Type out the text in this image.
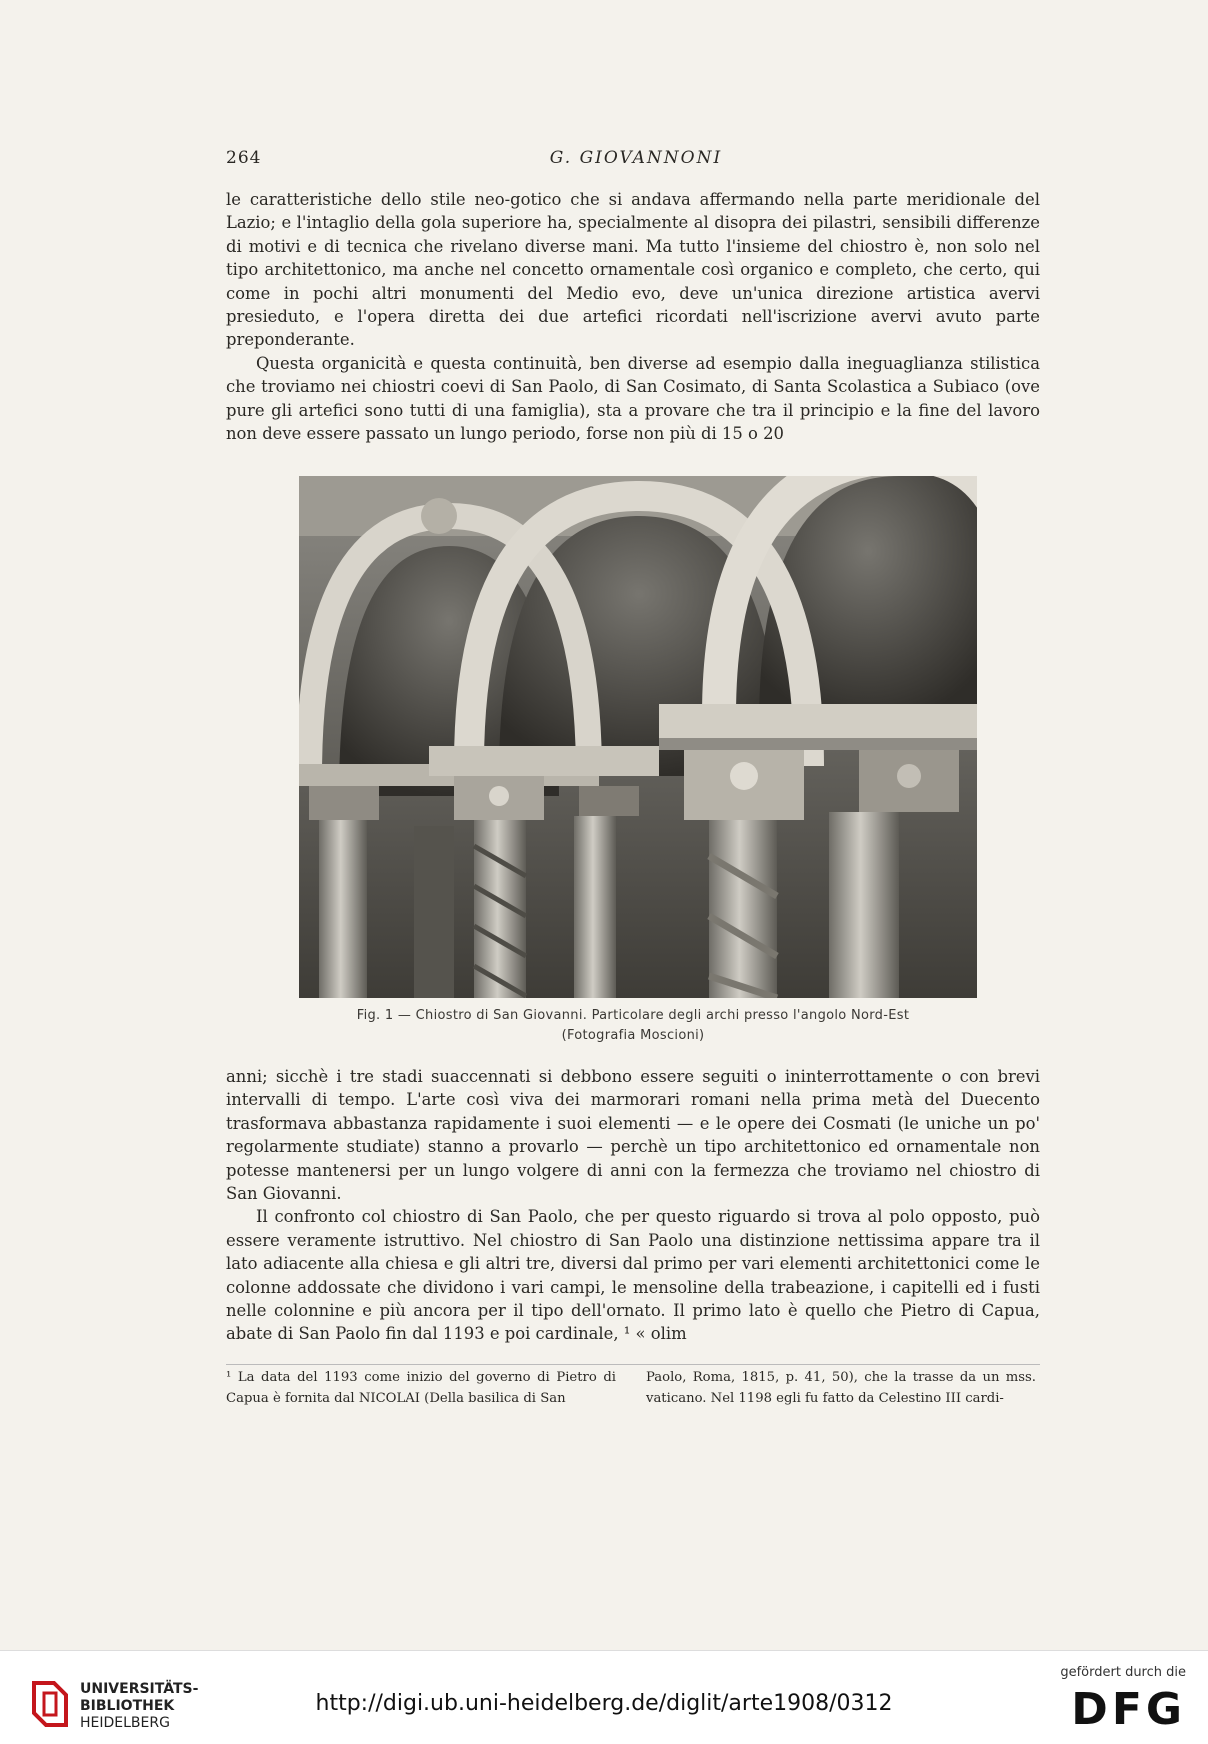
264	G. GIOVANNONI

le caratteristiche dello stile neo-gotico che si andava affermando nella parte meridionale del Lazio; e l'intaglio della gola superiore ha, specialmente al disopra dei pilastri, sensibili differenze di motivi e di tecnica che rivelano diverse mani. Ma tutto l'insieme del chiostro è, non solo nel tipo architettonico, ma anche nel concetto ornamentale così organico e completo, che certo, qui come in pochi altri monumenti del Medio evo, deve un'unica direzione artistica avervi presieduto, e l'opera diretta dei due artefici ricordati nell'iscrizione avervi avuto parte preponderante.

Questa organicità e questa continuità, ben diverse ad esempio dalla ineguaglianza stilistica che troviamo nei chiostri coevi di San Paolo, di San Cosimato, di Santa Scolastica a Subiaco (ove pure gli artefici sono tutti di una famiglia), sta a provare che tra il principio e la fine del lavoro non deve essere passato un lungo periodo, forse non più di 15 o 20

Fig. 1 — Chiostro di San Giovanni. Particolare degli archi presso l'angolo Nord-Est
(Fotografia Moscioni)

anni; sicchè i tre stadi suaccennati si debbono essere seguiti o ininterrottamente o con brevi intervalli di tempo. L'arte così viva dei marmorari romani nella prima metà del Duecento trasformava abbastanza rapidamente i suoi elementi — e le opere dei Cosmati (le uniche un po' regolarmente studiate) stanno a provarlo — perchè un tipo architettonico ed ornamentale non potesse mantenersi per un lungo volgere di anni con la fermezza che troviamo nel chiostro di San Giovanni.

Il confronto col chiostro di San Paolo, che per questo riguardo si trova al polo opposto, può essere veramente istruttivo. Nel chiostro di San Paolo una distinzione nettissima appare tra il lato adiacente alla chiesa e gli altri tre, diversi dal primo per vari elementi architettonici come le colonne addossate che dividono i vari campi, le mensoline della trabeazione, i capitelli ed i fusti nelle colonnine e più ancora per il tipo dell'ornato. Il primo lato è quello che Pietro di Capua, abate di San Paolo fin dal 1193 e poi cardinale, ¹ « olim

¹ La data del 1193 come inizio del governo di Pietro di Capua è fornita dal NICOLAI (Della basilica di San
Paolo, Roma, 1815, p. 41, 50), che la trasse da un mss. vaticano. Nel 1198 egli fu fatto da Celestino III cardi-
UNIVERSITÄTS-
BIBLIOTHEK
HEIDELBERG
http://digi.ub.uni-heidelberg.de/diglit/arte1908/0312
gefördert durch die
DFG
